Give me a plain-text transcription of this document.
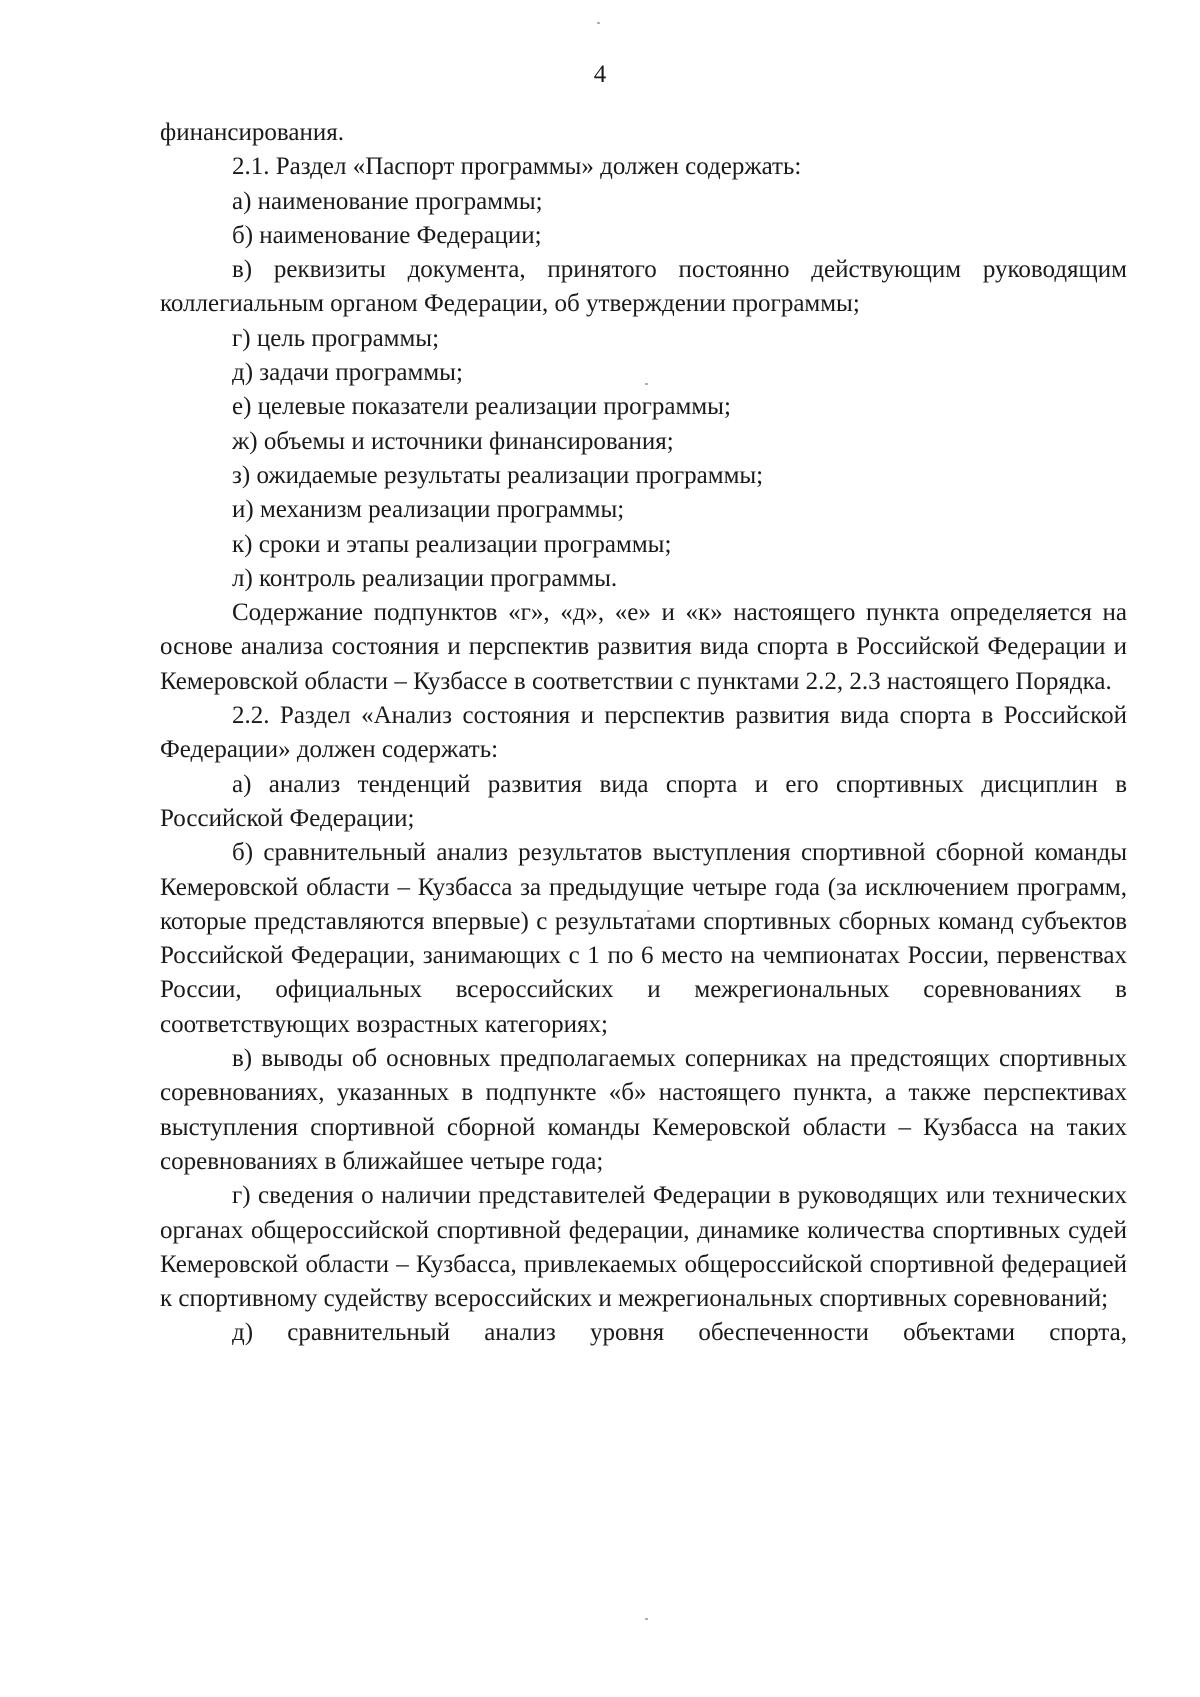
4

финансирования.

2.1. Раздел «Паспорт программы» должен содержать:

а) наименование программы;

б) наименование Федерации;

в) реквизиты документа, принятого постоянно действующим руководящим коллегиальным органом Федерации, об утверждении программы;

г) цель программы;

д) задачи программы;

е) целевые показатели реализации программы;

ж) объемы и источники финансирования;

з) ожидаемые результаты реализации программы;

и) механизм реализации программы;

к) сроки и этапы реализации программы;

л) контроль реализации программы.

Содержание подпунктов «г», «д», «е» и «к» настоящего пункта определяется на основе анализа состояния и перспектив развития вида спорта в Российской Федерации и Кемеровской области – Кузбассе в соответствии с пунктами 2.2, 2.3 настоящего Порядка.

2.2. Раздел «Анализ состояния и перспектив развития вида спорта в Российской Федерации» должен содержать:

а) анализ тенденций развития вида спорта и его спортивных дисциплин в Российской Федерации;

б) сравнительный анализ результатов выступления спортивной сборной команды Кемеровской области – Кузбасса за предыдущие четыре года (за исключением программ, которые представляются впервые) с результатами спортивных сборных команд субъектов Российской Федерации, занимающих с 1 по 6 место на чемпионатах России, первенствах России, официальных всероссийских и межрегиональных соревнованиях в соответствующих возрастных категориях;

в) выводы об основных предполагаемых соперниках на предстоящих спортивных соревнованиях, указанных в подпункте «б» настоящего пункта, а также перспективах выступления спортивной сборной команды Кемеровской области – Кузбасса на таких соревнованиях в ближайшее четыре года;

г) сведения о наличии представителей Федерации в руководящих или технических органах общероссийской спортивной федерации, динамике количества спортивных судей Кемеровской области – Кузбасса, привлекаемых общероссийской спортивной федерацией к спортивному судейству всероссийских и межрегиональных спортивных соревнований;

д) сравнительный анализ уровня обеспеченности объектами спорта,
